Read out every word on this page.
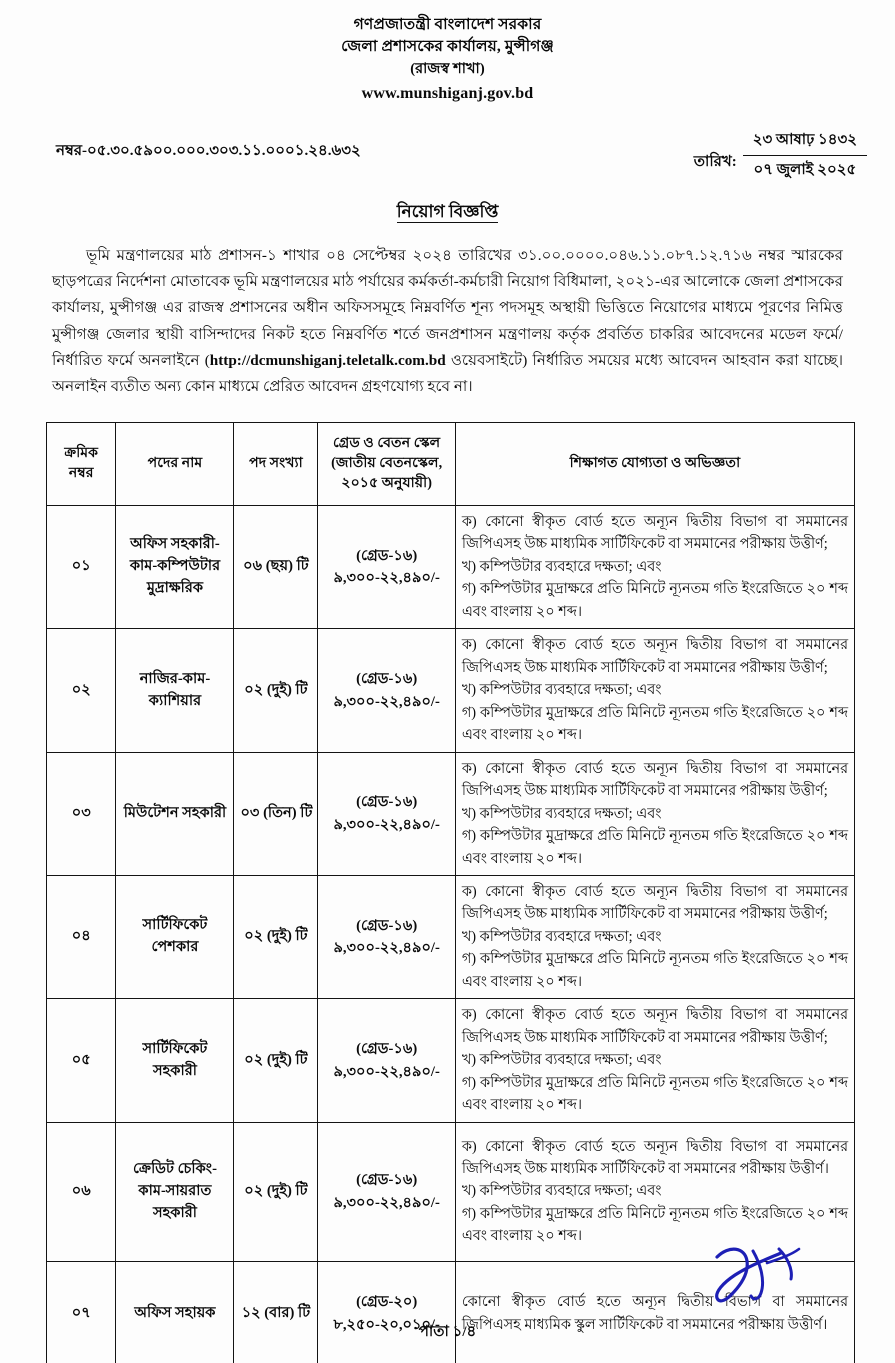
গণপ্রজাতন্ত্রী বাংলাদেশ সরকার
জেলা প্রশাসকের কার্যালয়, মুন্সীগঞ্জ
(রাজস্ব শাখা)
www.munshiganj.gov.bd
নম্বর-০৫.৩০.৫৯০০.০০০.৩০৩.১১.০০০১.২৪.৬৩২
তারিখ:
২৩ আষাঢ় ১৪৩২
০৭ জুলাই ২০২৫
নিয়োগ বিজ্ঞপ্তি

ভূমি মন্ত্রণালয়ের মাঠ প্রশাসন-১ শাখার ০৪ সেপ্টেম্বর ২০২৪ তারিখের ৩১.০০.০০০০.০৪৬.১১.০৮৭.১২.৭১৬ নম্বর স্মারকের ছাড়পত্রের নির্দেশনা মোতাবেক ভূমি মন্ত্রণালয়ের মাঠ পর্যায়ের কর্মকর্তা-কর্মচারী নিয়োগ বিধিমালা, ২০২১-এর আলোকে জেলা প্রশাসকের কার্যালয়, মুন্সীগঞ্জ এর রাজস্ব প্রশাসনের অধীন অফিসসমূহে নিম্নবর্ণিত শূন্য পদসমূহ অস্থায়ী ভিত্তিতে নিয়োগের মাধ্যমে পূরণের নিমিত্ত মুন্সীগঞ্জ জেলার স্থায়ী বাসিন্দাদের নিকট হতে নিম্নবর্ণিত শর্তে জনপ্রশাসন মন্ত্রণালয় কর্তৃক প্রবর্তিত চাকরির আবেদনের মডেল ফর্মে/নির্ধারিত ফর্মে অনলাইনে (http://dcmunshiganj.teletalk.com.bd ওয়েবসাইটে) নির্ধারিত সময়ের মধ্যে আবেদন আহবান করা যাচ্ছে। অনলাইন ব্যতীত অন্য কোন মাধ্যমে প্রেরিত আবেদন গ্রহণযোগ্য হবে না।

ক্রমিক নম্বর	পদের নাম	পদ সংখ্যা	গ্রেড ও বেতন স্কেল (জাতীয় বেতনস্কেল, ২০১৫ অনুযায়ী)	শিক্ষাগত যোগ্যতা ও অভিজ্ঞতা
০১	অফিস সহকারী-কাম-কম্পিউটার মুদ্রাক্ষরিক	০৬ (ছয়) টি	(গ্রেড-১৬) ৯,৩০০-২২,৪৯০/-	ক) কোনো স্বীকৃত বোর্ড হতে অন্যূন দ্বিতীয় বিভাগ বা সমমানের জিপিএসহ উচ্চ মাধ্যমিক সার্টিফিকেট বা সমমানের পরীক্ষায় উত্তীর্ণ;
খ) কম্পিউটার ব্যবহারে দক্ষতা; এবং
গ) কম্পিউটার মুদ্রাক্ষরে প্রতি মিনিটে ন্যূনতম গতি ইংরেজিতে ২০ শব্দ এবং বাংলায় ২০ শব্দ।

০২	নাজির-কাম-ক্যাশিয়ার	০২ (দুই) টি	(গ্রেড-১৬) ৯,৩০০-২২,৪৯০/-	ক) কোনো স্বীকৃত বোর্ড হতে অন্যূন দ্বিতীয় বিভাগ বা সমমানের জিপিএসহ উচ্চ মাধ্যমিক সার্টিফিকেট বা সমমানের পরীক্ষায় উত্তীর্ণ;
খ) কম্পিউটার ব্যবহারে দক্ষতা; এবং
গ) কম্পিউটার মুদ্রাক্ষরে প্রতি মিনিটে ন্যূনতম গতি ইংরেজিতে ২০ শব্দ এবং বাংলায় ২০ শব্দ।

০৩	মিউটেশন সহকারী	০৩ (তিন) টি	(গ্রেড-১৬) ৯,৩০০-২২,৪৯০/-	ক) কোনো স্বীকৃত বোর্ড হতে অন্যূন দ্বিতীয় বিভাগ বা সমমানের জিপিএসহ উচ্চ মাধ্যমিক সার্টিফিকেট বা সমমানের পরীক্ষায় উত্তীর্ণ;
খ) কম্পিউটার ব্যবহারে দক্ষতা; এবং
গ) কম্পিউটার মুদ্রাক্ষরে প্রতি মিনিটে ন্যূনতম গতি ইংরেজিতে ২০ শব্দ এবং বাংলায় ২০ শব্দ।

০৪	সার্টিফিকেট পেশকার	০২ (দুই) টি	(গ্রেড-১৬) ৯,৩০০-২২,৪৯০/-	ক) কোনো স্বীকৃত বোর্ড হতে অন্যূন দ্বিতীয় বিভাগ বা সমমানের জিপিএসহ উচ্চ মাধ্যমিক সার্টিফিকেট বা সমমানের পরীক্ষায় উত্তীর্ণ;
খ) কম্পিউটার ব্যবহারে দক্ষতা; এবং
গ) কম্পিউটার মুদ্রাক্ষরে প্রতি মিনিটে ন্যূনতম গতি ইংরেজিতে ২০ শব্দ এবং বাংলায় ২০ শব্দ।

০৫	সার্টিফিকেট সহকারী	০২ (দুই) টি	(গ্রেড-১৬) ৯,৩০০-২২,৪৯০/-	ক) কোনো স্বীকৃত বোর্ড হতে অন্যূন দ্বিতীয় বিভাগ বা সমমানের জিপিএসহ উচ্চ মাধ্যমিক সার্টিফিকেট বা সমমানের পরীক্ষায় উত্তীর্ণ;
খ) কম্পিউটার ব্যবহারে দক্ষতা; এবং
গ) কম্পিউটার মুদ্রাক্ষরে প্রতি মিনিটে ন্যূনতম গতি ইংরেজিতে ২০ শব্দ এবং বাংলায় ২০ শব্দ।

০৬	ক্রেডিট চেকিং-কাম-সায়রাত সহকারী	০২ (দুই) টি	(গ্রেড-১৬) ৯,৩০০-২২,৪৯০/-	ক) কোনো স্বীকৃত বোর্ড হতে অন্যূন দ্বিতীয় বিভাগ বা সমমানের জিপিএসহ উচ্চ মাধ্যমিক সার্টিফিকেট বা সমমানের পরীক্ষায় উত্তীর্ণ।
খ) কম্পিউটার ব্যবহারে দক্ষতা; এবং
গ) কম্পিউটার মুদ্রাক্ষরে প্রতি মিনিটে ন্যূনতম গতি ইংরেজিতে ২০ শব্দ এবং বাংলায় ২০ শব্দ।

০৭	অফিস সহায়ক	১২ (বার) টি	(গ্রেড-২০) ৮,২৫০-২০,০১০/-	কোনো স্বীকৃত বোর্ড হতে অন্যূন দ্বিতীয় বিভাগ বা সমমানের জিপিএসহ মাধ্যমিক স্কুল সার্টিফিকেট বা সমমানের পরীক্ষায় উত্তীর্ণ।
পাতা ১/৪
